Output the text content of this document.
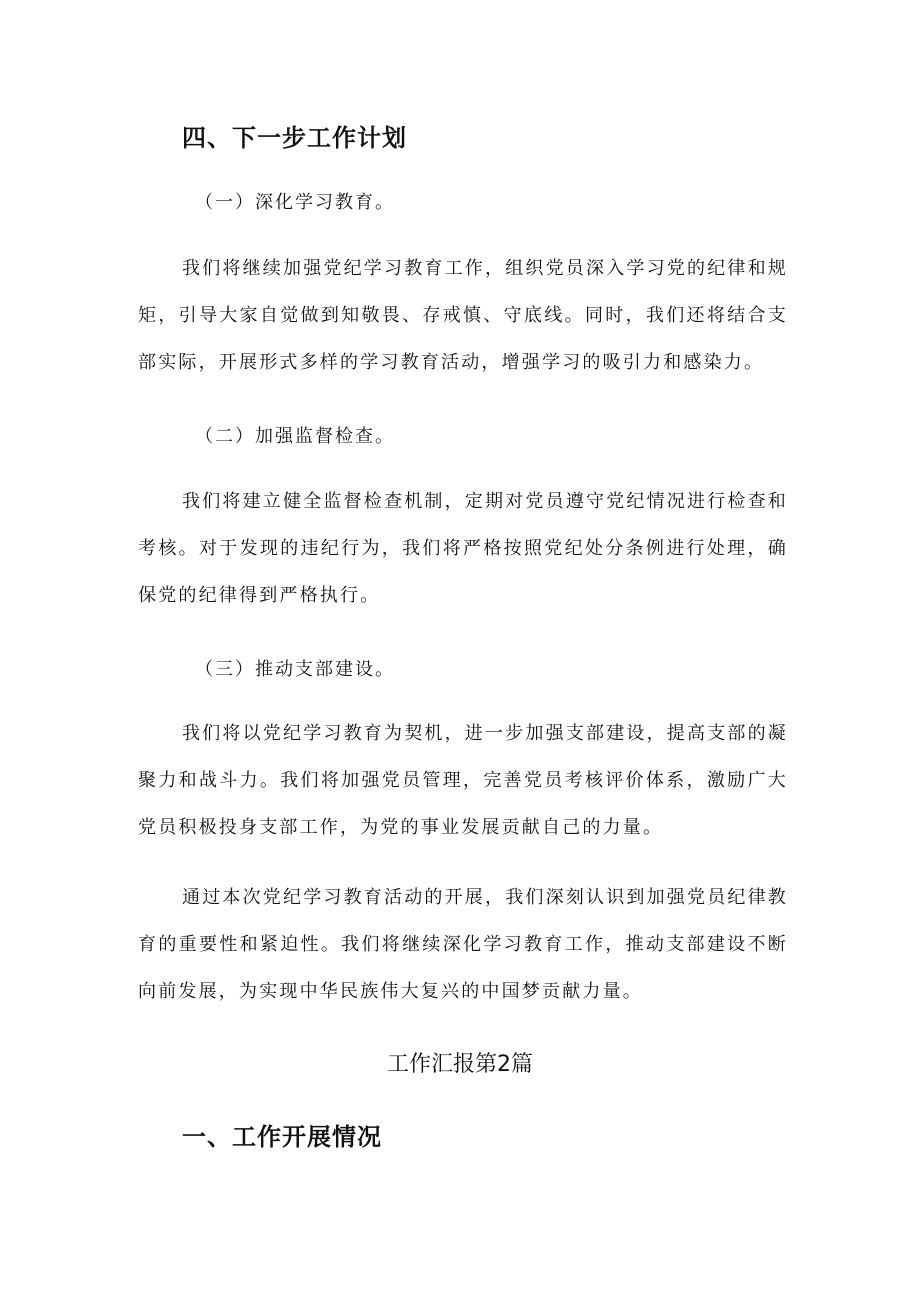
四、下一步工作计划
（一）深化学习教育。

我们将继续加强党纪学习教育工作，组织党员深入学习党的纪律和规矩，引导大家自觉做到知敬畏、存戒慎、守底线。同时，我们还将结合支部实际，开展形式多样的学习教育活动，增强学习的吸引力和感染力。

（二）加强监督检查。

我们将建立健全监督检查机制，定期对党员遵守党纪情况进行检查和考核。对于发现的违纪行为，我们将严格按照党纪处分条例进行处理，确保党的纪律得到严格执行。

（三）推动支部建设。

我们将以党纪学习教育为契机，进一步加强支部建设，提高支部的凝聚力和战斗力。我们将加强党员管理，完善党员考核评价体系，激励广大党员积极投身支部工作，为党的事业发展贡献自己的力量。

通过本次党纪学习教育活动的开展，我们深刻认识到加强党员纪律教育的重要性和紧迫性。我们将继续深化学习教育工作，推动支部建设不断向前发展，为实现中华民族伟大复兴的中国梦贡献力量。

工作汇报第2篇
一、工作开展情况
